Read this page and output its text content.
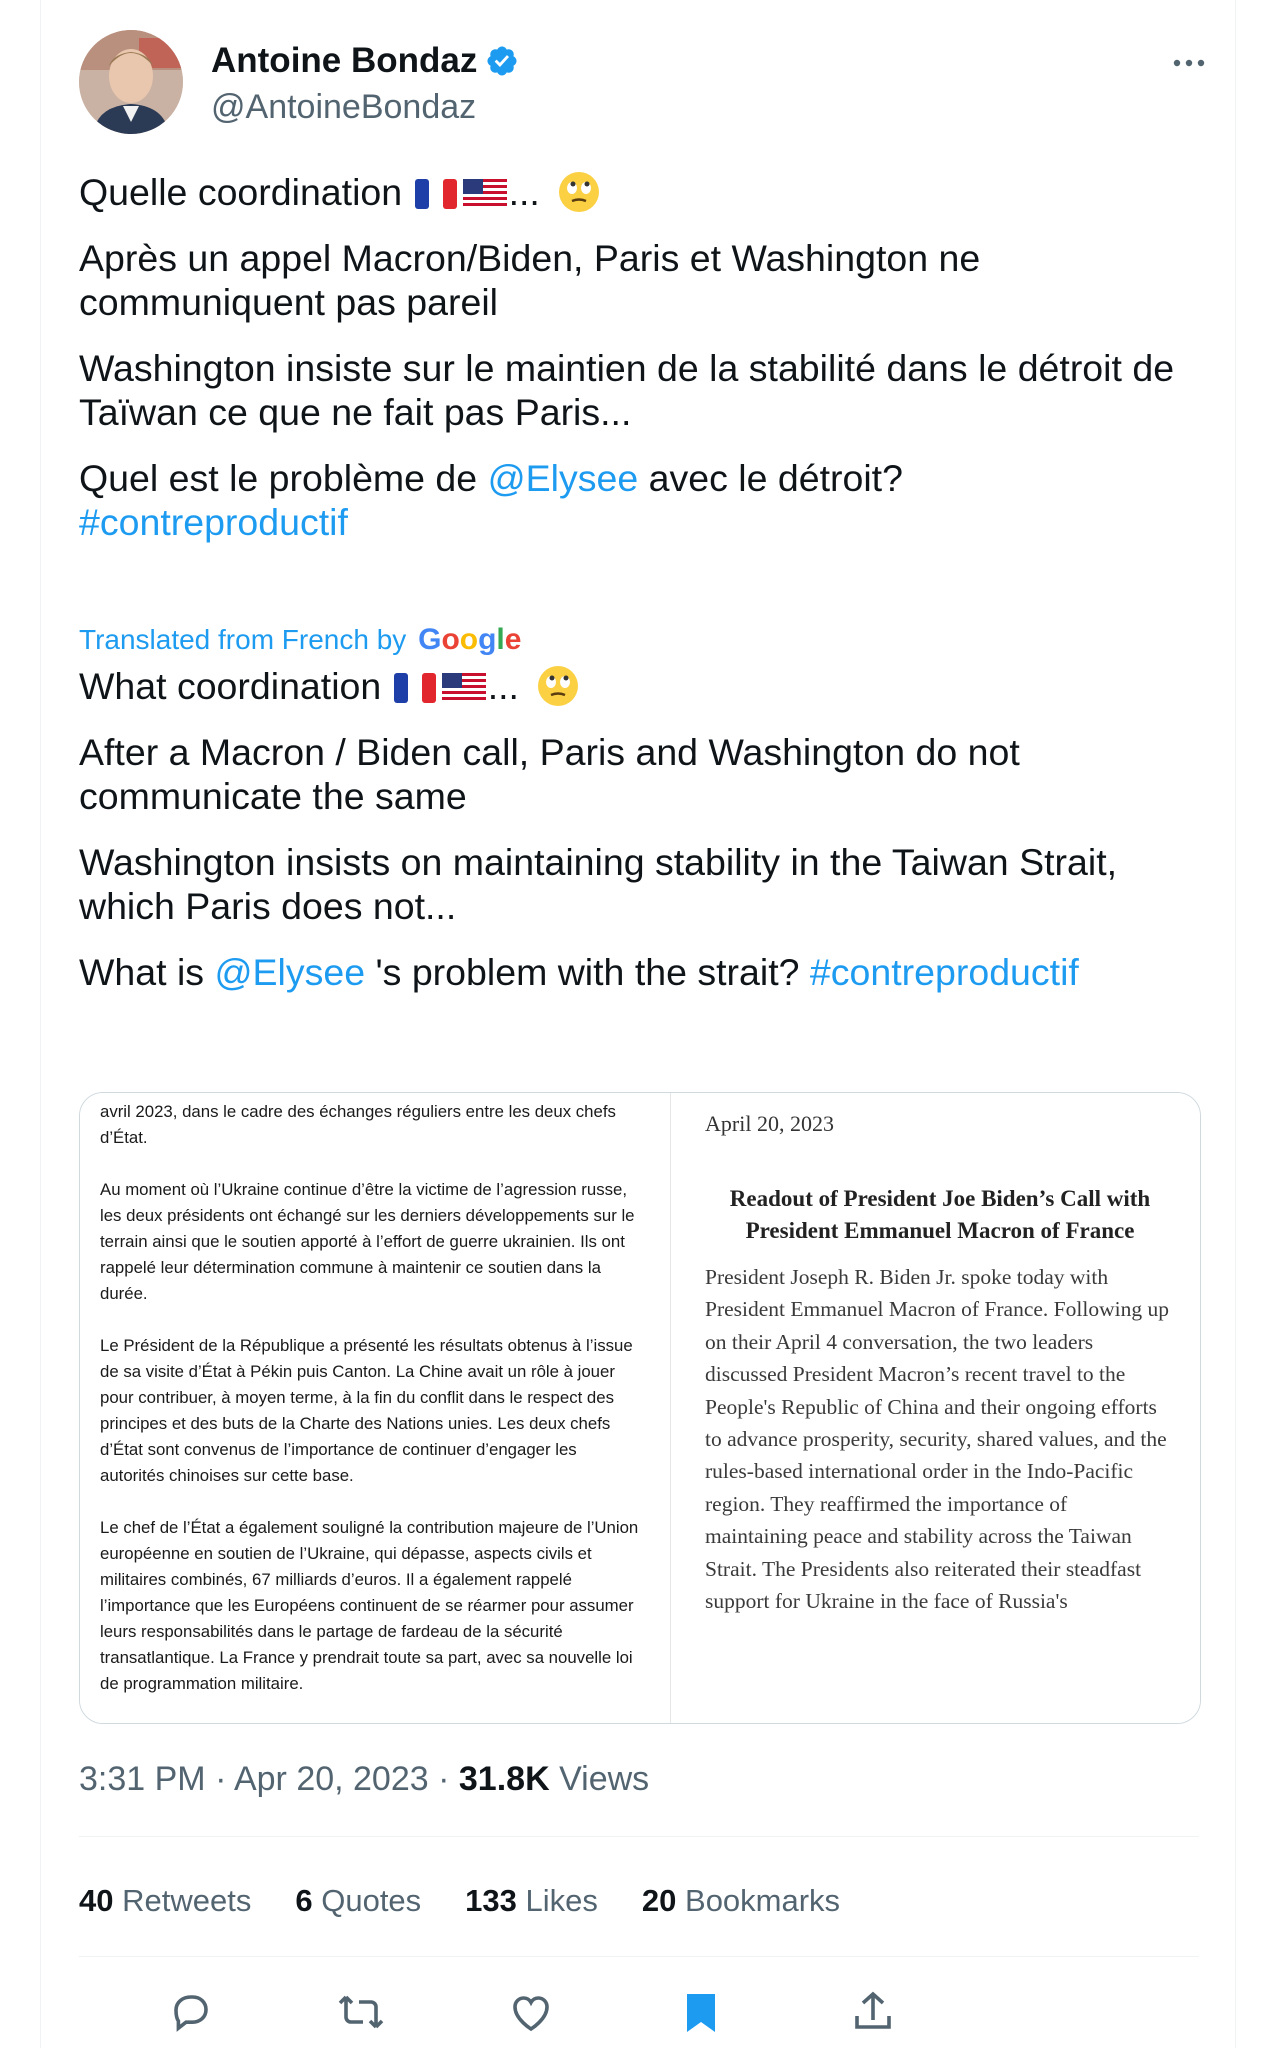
Antoine Bondaz
@AntoineBondaz

Quelle coordination	...

Après un appel Macron/Biden, Paris et Washington ne communiquent pas pareil

Washington insiste sur le maintien de la stabilité dans le détroit de Taïwan ce que ne fait pas Paris...

Quel est le problème de @Elysee avec le détroit?

#contreproductif

Translated from French by Google

What coordination	...

After a Macron / Biden call, Paris and Washington do not communicate the same

Washington insists on maintaining stability in the Taiwan Strait, which Paris does not...

What is @Elysee 's problem with the strait? #contreproductif

avril 2023, dans le cadre des échanges réguliers entre les deux chefs d’État.

Au moment où l’Ukraine continue d’être la victime de l’agression russe, les deux présidents ont échangé sur les derniers développements sur le terrain ainsi que le soutien apporté à l’effort de guerre ukrainien. Ils ont rappelé leur détermination commune à maintenir ce soutien dans la durée.

Le Président de la République a présenté les résultats obtenus à l’issue de sa visite d’État à Pékin puis Canton. La Chine avait un rôle à jouer pour contribuer, à moyen terme, à la fin du conflit dans le respect des principes et des buts de la Charte des Nations unies. Les deux chefs d’État sont convenus de l’importance de continuer d’engager les autorités chinoises sur cette base.

Le chef de l’État a également souligné la contribution majeure de l’Union européenne en soutien de l’Ukraine, qui dépasse, aspects civils et militaires combinés, 67 milliards d’euros. Il a également rappelé l’importance que les Européens continuent de se réarmer pour assumer leurs responsabilités dans le partage de fardeau de la sécurité transatlantique. La France y prendrait toute sa part, avec sa nouvelle loi de programmation militaire.

April 20, 2023
Readout of President Joe Biden’s Call with President Emmanuel Macron of France
President Joseph R. Biden Jr. spoke today with President Emmanuel Macron of France. Following up on their April 4 conversation, the two leaders discussed President Macron’s recent travel to the People's Republic of China and their ongoing efforts to advance prosperity, security, shared values, and the rules-based international order in the Indo-Pacific region. They reaffirmed the importance of maintaining peace and stability across the Taiwan Strait. The Presidents also reiterated their steadfast support for Ukraine in the face of Russia's
3:31 PM · Apr 20, 2023 · 31.8K Views
40 Retweets 6 Quotes 133 Likes 20 Bookmarks
